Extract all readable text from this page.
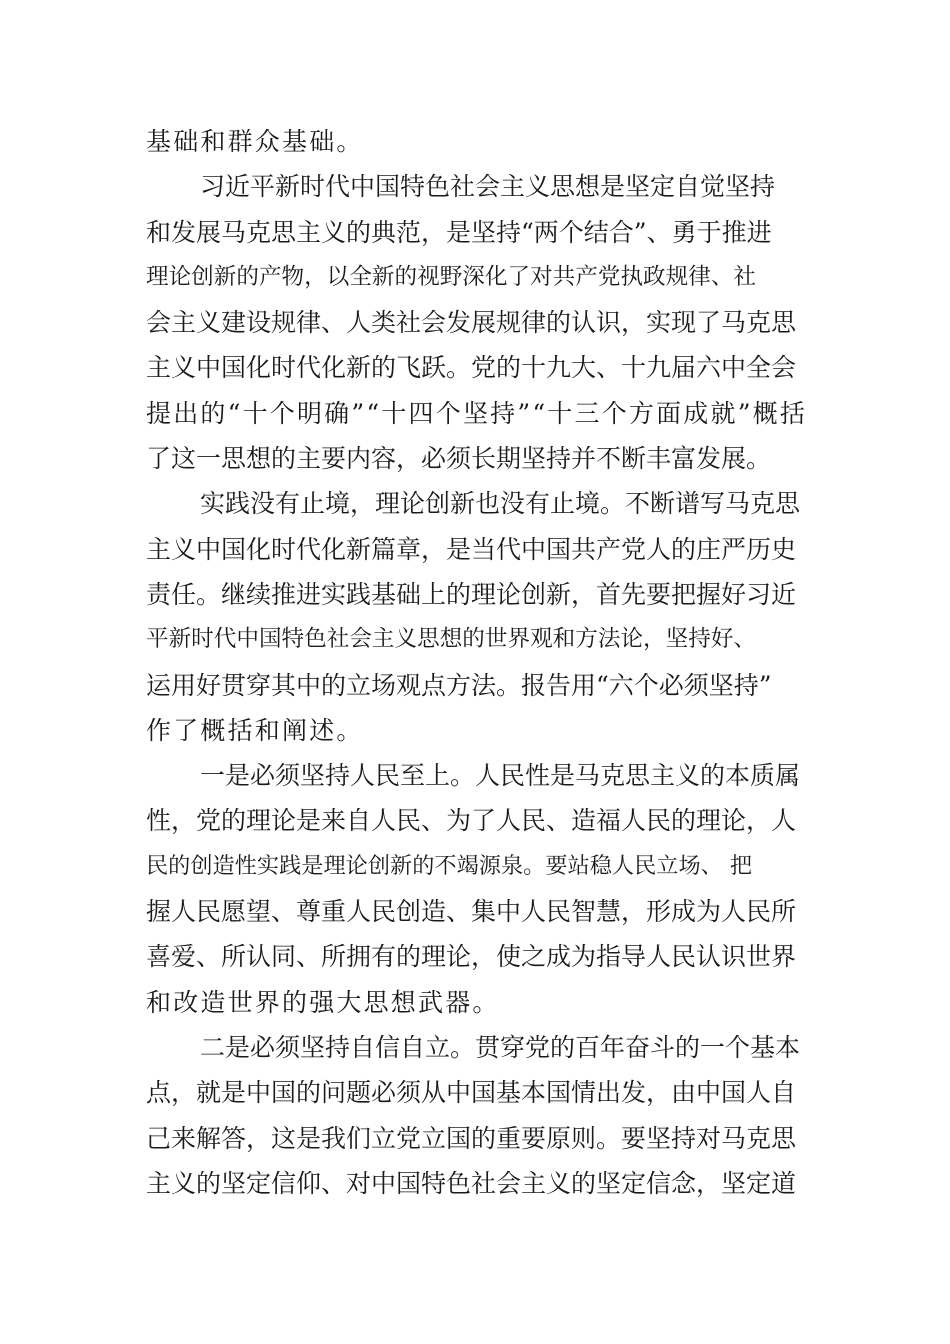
基础和群众基础。
习近平新时代中国特色社会主义思想是坚定自觉坚持
和发展马克思主义的典范，是坚持“两个结合”、勇于推进
理论创新的产物，以全新的视野深化了对共产党执政规律、社
会主义建设规律、人类社会发展规律的认识，实现了马克思
主义中国化时代化新的飞跃。党的十九大、十九届六中全会
提出的“十个明确”“十四个坚持”“十三个方面成就”概括
了这一思想的主要内容，必须长期坚持并不断丰富发展。
实践没有止境，理论创新也没有止境。不断谱写马克思
主义中国化时代化新篇章，是当代中国共产党人的庄严历史
责任。继续推进实践基础上的理论创新，首先要把握好习近
平新时代中国特色社会主义思想的世界观和方法论，坚持好、
运用好贯穿其中的立场观点方法。报告用“六个必须坚持”
作了概括和阐述。
一是必须坚持人民至上。人民性是马克思主义的本质属
性，党的理论是来自人民、为了人民、造福人民的理论，人
民的创造性实践是理论创新的不竭源泉。要站稳人民立场、 把
握人民愿望、尊重人民创造、集中人民智慧，形成为人民所
喜爱、所认同、所拥有的理论，使之成为指导人民认识世界
和改造世界的强大思想武器。
二是必须坚持自信自立。贯穿党的百年奋斗的一个基本
点，就是中国的问题必须从中国基本国情出发，由中国人自
己来解答，这是我们立党立国的重要原则。要坚持对马克思
主义的坚定信仰、对中国特色社会主义的坚定信念，坚定道
